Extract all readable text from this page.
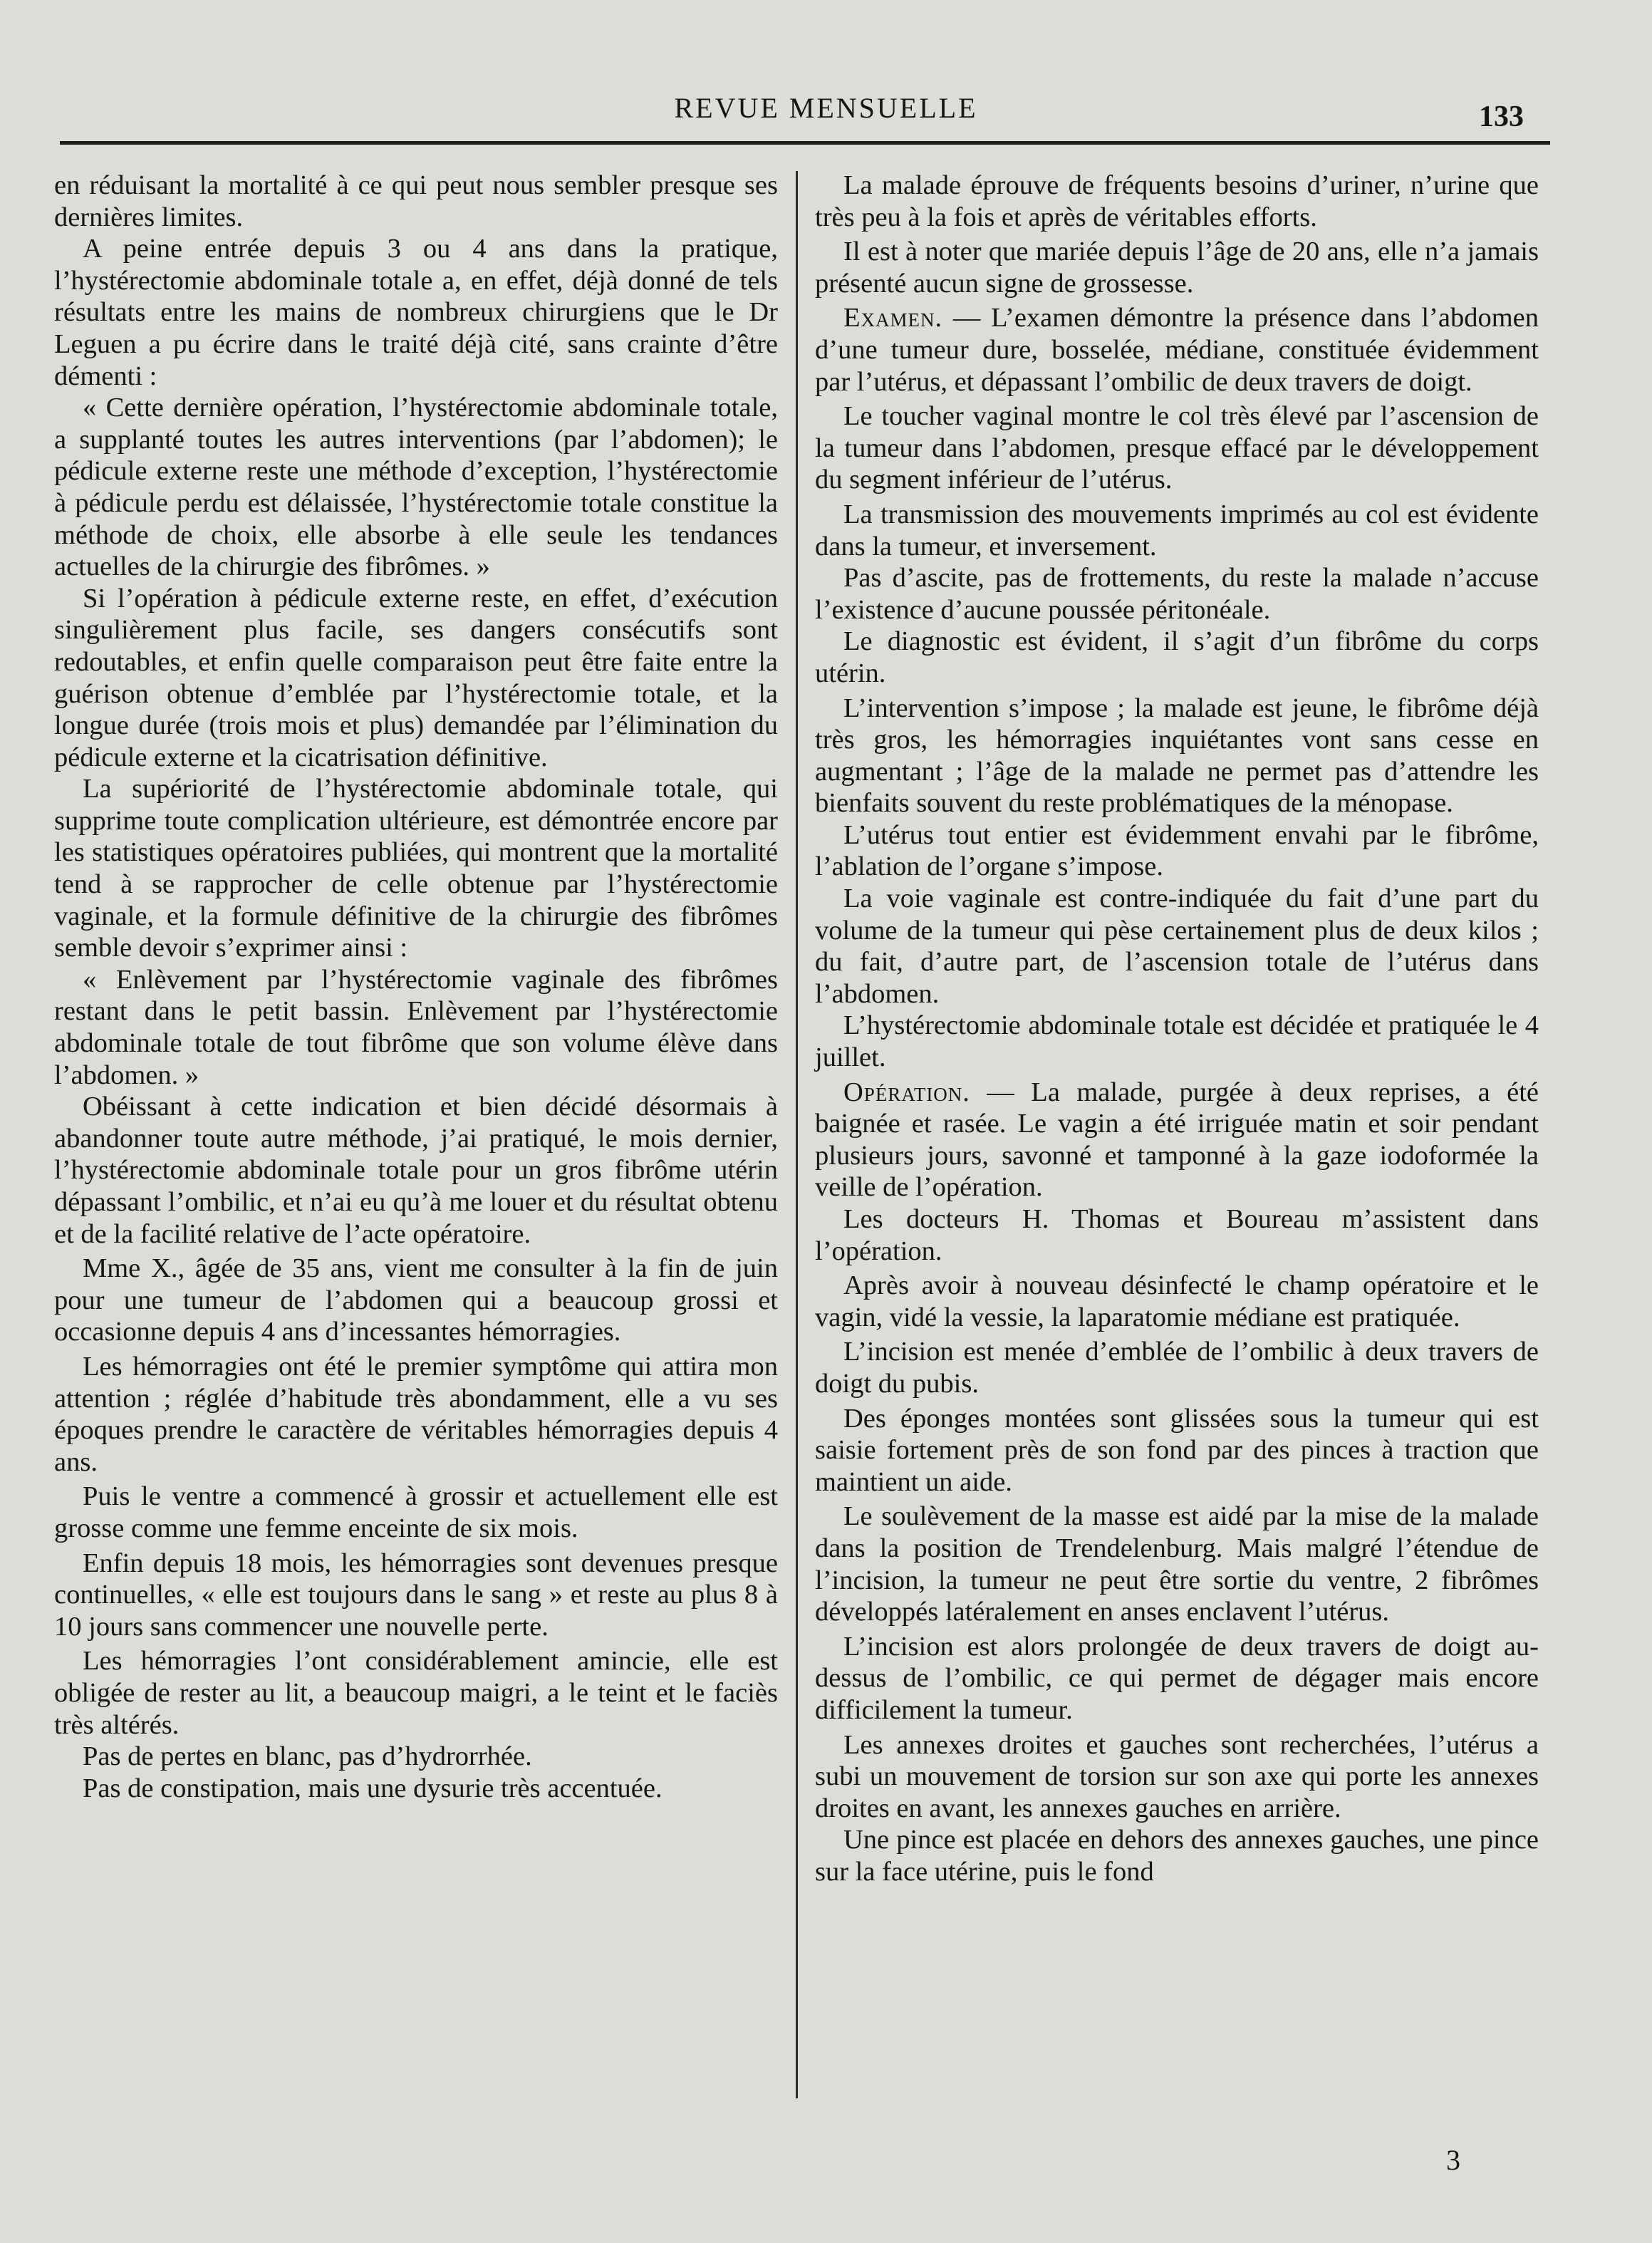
REVUE MENSUELLE	133

en réduisant la mortalité à ce qui peut nous sembler presque ses dernières limites.

A peine entrée depuis 3 ou 4 ans dans la pratique, l’hystérectomie abdominale totale a, en effet, déjà donné de tels résultats entre les mains de nombreux chirurgiens que le Dr Leguen a pu écrire dans le traité déjà cité, sans crainte d’être démenti :

« Cette dernière opération, l’hystérectomie abdominale totale, a supplanté toutes les autres interventions (par l’abdomen); le pédicule externe reste une méthode d’exception, l’hystérectomie à pédicule perdu est délaissée, l’hystérectomie totale constitue la méthode de choix, elle absorbe à elle seule les tendances actuelles de la chirurgie des fibrômes. »

Si l’opération à pédicule externe reste, en effet, d’exécution singulièrement plus facile, ses dangers consécutifs sont redoutables, et enfin quelle comparaison peut être faite entre la guérison obtenue d’emblée par l’hystérectomie totale, et la longue durée (trois mois et plus) demandée par l’élimination du pédicule externe et la cicatrisation définitive.

La supériorité de l’hystérectomie abdominale totale, qui supprime toute complication ultérieure, est démontrée encore par les statistiques opératoires publiées, qui montrent que la mortalité tend à se rapprocher de celle obtenue par l’hystérectomie vaginale, et la formule définitive de la chirurgie des fibrômes semble devoir s’exprimer ainsi :

« Enlèvement par l’hystérectomie vaginale des fibrômes restant dans le petit bassin. Enlèvement par l’hystérectomie abdominale totale de tout fibrôme que son volume élève dans l’abdomen. »

Obéissant à cette indication et bien décidé désormais à abandonner toute autre méthode, j’ai pratiqué, le mois dernier, l’hystérectomie abdominale totale pour un gros fibrôme utérin dépassant l’ombilic, et n’ai eu qu’à me louer et du résultat obtenu et de la facilité relative de l’acte opératoire.

Mme X., âgée de 35 ans, vient me consulter à la fin de juin pour une tumeur de l’abdomen qui a beaucoup grossi et occasionne depuis 4 ans d’incessantes hémorragies.

Les hémorragies ont été le premier symptôme qui attira mon attention ; réglée d’habitude très abondamment, elle a vu ses époques prendre le caractère de véritables hémorragies depuis 4 ans.

Puis le ventre a commencé à grossir et actuellement elle est grosse comme une femme enceinte de six mois.

Enfin depuis 18 mois, les hémorragies sont devenues presque continuelles, « elle est toujours dans le sang » et reste au plus 8 à 10 jours sans commencer une nouvelle perte.

Les hémorragies l’ont considérablement amincie, elle est obligée de rester au lit, a beaucoup maigri, a le teint et le faciès très altérés.

Pas de pertes en blanc, pas d’hydrorrhée.

Pas de constipation, mais une dysurie très accentuée.

La malade éprouve de fréquents besoins d’uriner, n’urine que très peu à la fois et après de véritables efforts.

Il est à noter que mariée depuis l’âge de 20 ans, elle n’a jamais présenté aucun signe de grossesse.

Examen. — L’examen démontre la présence dans l’abdomen d’une tumeur dure, bosselée, médiane, constituée évidemment par l’utérus, et dépassant l’ombilic de deux travers de doigt.

Le toucher vaginal montre le col très élevé par l’ascension de la tumeur dans l’abdomen, presque effacé par le développement du segment inférieur de l’utérus.

La transmission des mouvements imprimés au col est évidente dans la tumeur, et inversement.

Pas d’ascite, pas de frottements, du reste la malade n’accuse l’existence d’aucune poussée péritonéale.

Le diagnostic est évident, il s’agit d’un fibrôme du corps utérin.

L’intervention s’impose ; la malade est jeune, le fibrôme déjà très gros, les hémorragies inquiétantes vont sans cesse en augmentant ; l’âge de la malade ne permet pas d’attendre les bienfaits souvent du reste problématiques de la ménopase.

L’utérus tout entier est évidemment envahi par le fibrôme, l’ablation de l’organe s’impose.

La voie vaginale est contre-indiquée du fait d’une part du volume de la tumeur qui pèse certainement plus de deux kilos ; du fait, d’autre part, de l’ascension totale de l’utérus dans l’abdomen.

L’hystérectomie abdominale totale est décidée et pratiquée le 4 juillet.

Opération. — La malade, purgée à deux reprises, a été baignée et rasée. Le vagin a été irriguée matin et soir pendant plusieurs jours, savonné et tamponné à la gaze iodoformée la veille de l’opération.

Les docteurs H. Thomas et Boureau m’assistent dans l’opération.

Après avoir à nouveau désinfecté le champ opératoire et le vagin, vidé la vessie, la laparatomie médiane est pratiquée.

L’incision est menée d’emblée de l’ombilic à deux travers de doigt du pubis.

Des éponges montées sont glissées sous la tumeur qui est saisie fortement près de son fond par des pinces à traction que maintient un aide.

Le soulèvement de la masse est aidé par la mise de la malade dans la position de Trendelenburg. Mais malgré l’étendue de l’incision, la tumeur ne peut être sortie du ventre, 2 fibrômes développés latéralement en anses enclavent l’utérus.

L’incision est alors prolongée de deux travers de doigt au-dessus de l’ombilic, ce qui permet de dégager mais encore difficilement la tumeur.

Les annexes droites et gauches sont recherchées, l’utérus a subi un mouvement de torsion sur son axe qui porte les annexes droites en avant, les annexes gauches en arrière.

Une pince est placée en dehors des annexes gauches, une pince sur la face utérine, puis le fond

3
